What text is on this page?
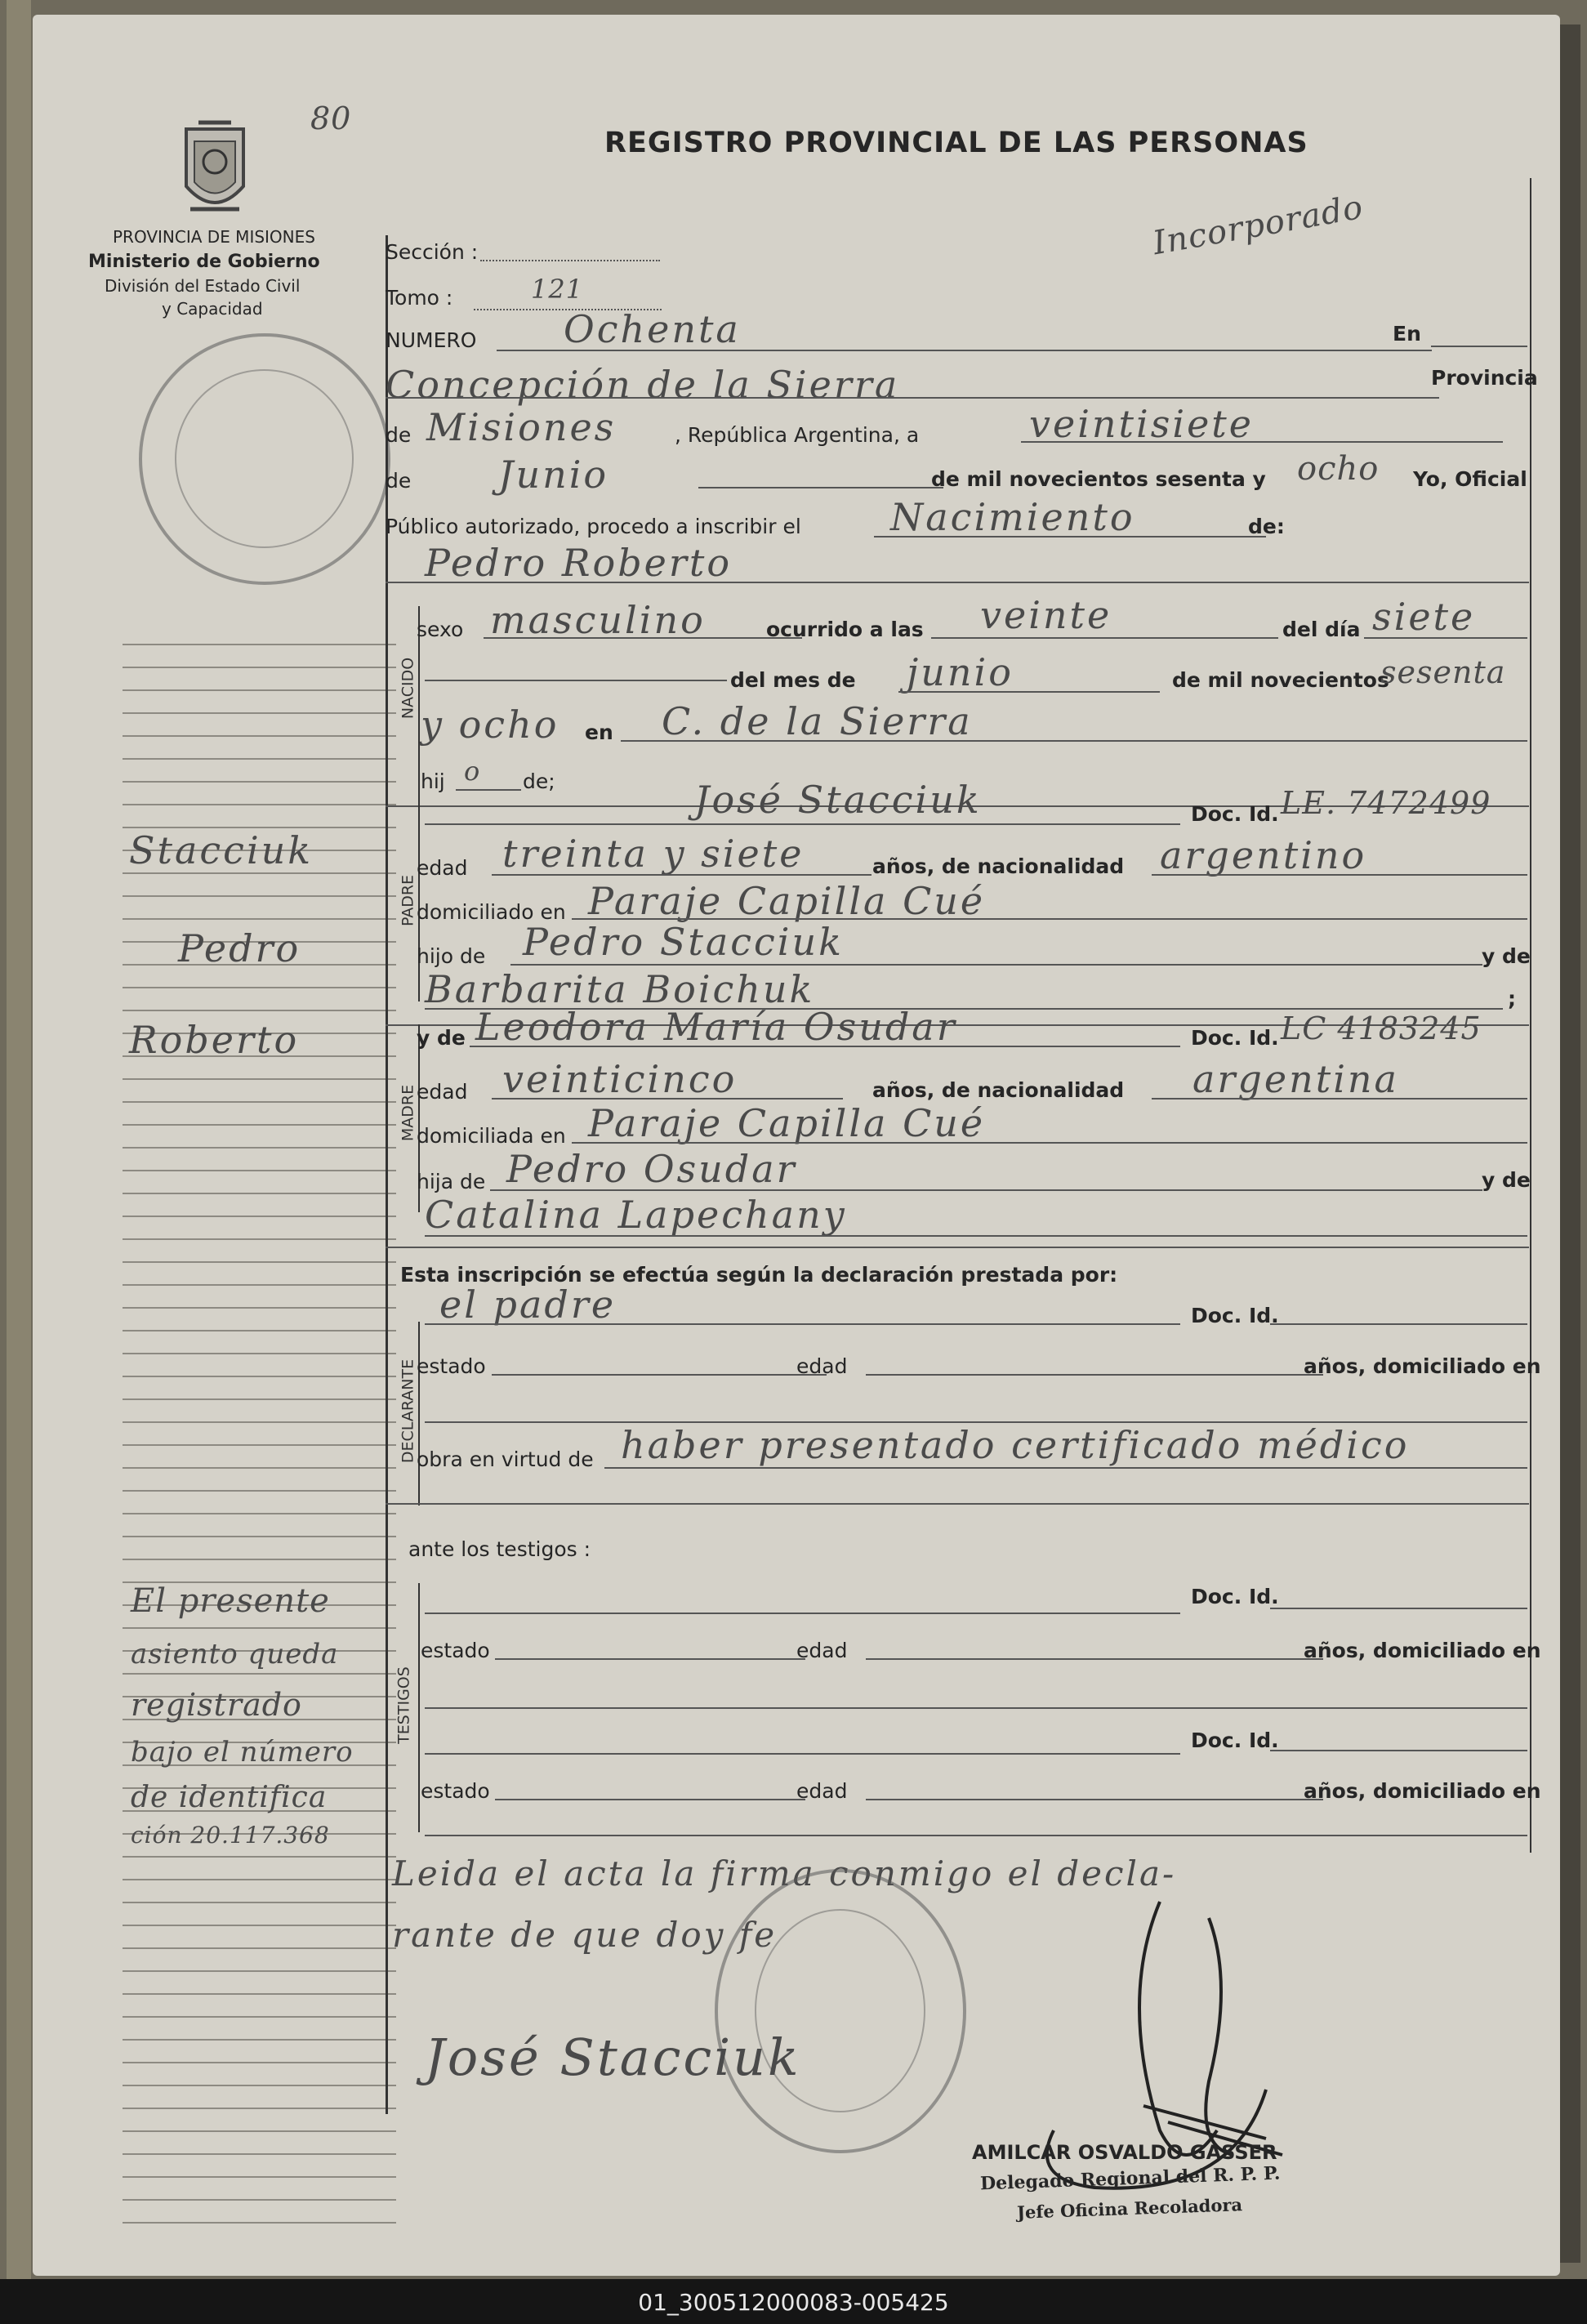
80
REGISTRO PROVINCIAL DE LAS PERSONAS
PROVINCIA DE MISIONES
Ministerio de Gobierno
División del Estado Civil
y Capacidad
Stacciuk
Pedro
Roberto
El presente
asiento queda
registrado
bajo el número
de identifica
ción 20.117.368
Sección :	Incorporado
Tomo :	121
NUMERO Ochenta	En
Concepción de la Sierra	Provincia
de Misiones	, República Argentina, a	veintisiete
de Junio	de mil novecientos sesenta y ocho Yo, Oficial
Público autorizado, procedo a inscribir el Nacimiento	de:
Pedro Roberto
NACIDO
sexo masculino	ocurrido a las veinte	del día siete
del mes de junio	de mil novecientos
sesenta
y ocho en C. de la Sierra
hij o de;
PADRE
José Stacciuk	Doc. Id. LE. 7472499
edad treinta y siete	años, de nacionalidad argentino
domiciliado en Paraje Capilla Cué
hijo de Pedro Stacciuk	y de
Barbarita Boichuk	;
MADRE
y de Leodora María Osudar	Doc. Id. LC 4183245
edad veinticinco	años, de nacionalidad argentina
domiciliada en Paraje Capilla Cué
hija de Pedro Osudar	y de
Catalina Lapechany
Esta inscripción se efectúa según la declaración prestada por:
DECLARANTE
el padre	Doc. Id.
estado	edad	años, domiciliado en
obra en virtud de haber presentado certificado médico
ante los testigos :
TESTIGOS
Doc. Id.
estado	edad	años, domiciliado en
Doc. Id.
estado	edad	años, domiciliado en
Leida el acta la firma conmigo el decla-
rante de que doy fe
José Stacciuk
AMILCAR OSVALDO GASSER
Delegado Regional del R. P. P.
Jefe Oficina Recoladora
01_300512000083-005425
